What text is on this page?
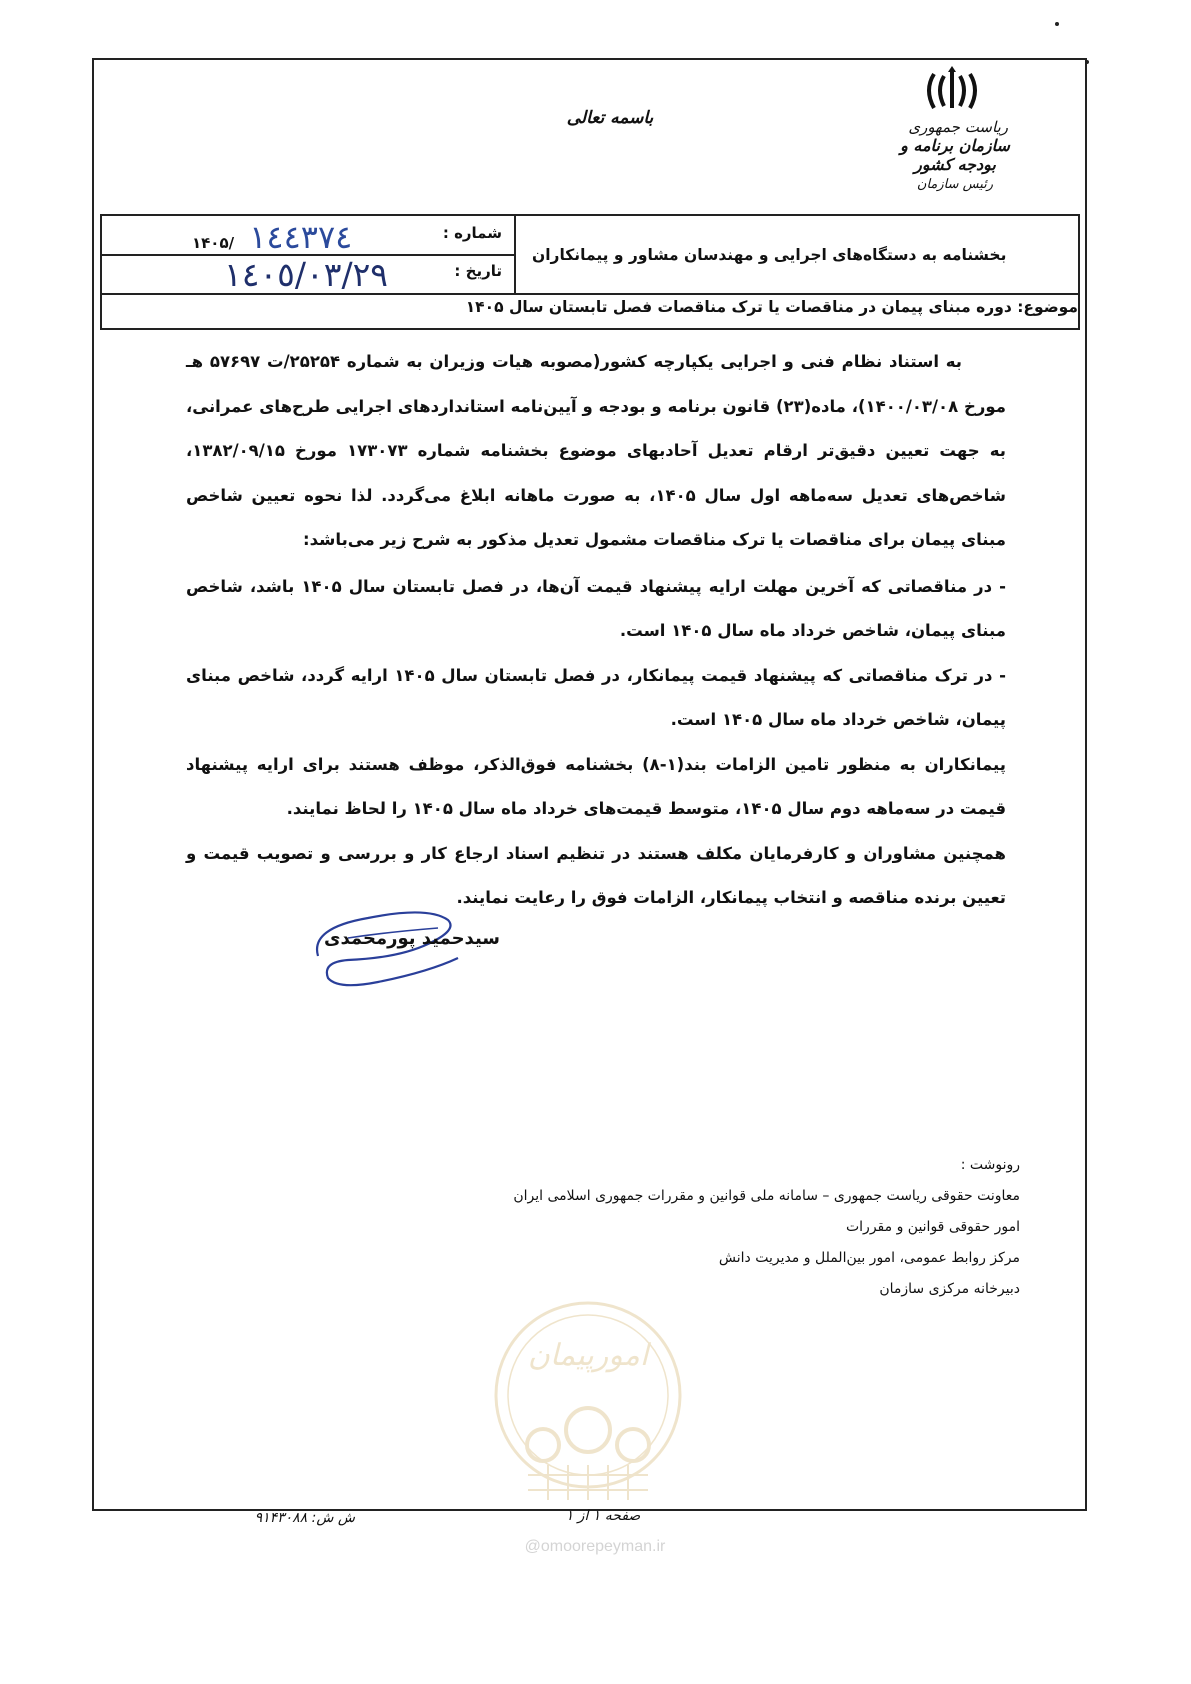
ریاست جمهوری
سازمان برنامه و بودجه کشور
رئیس سازمان
باسمه تعالی
بخشنامه به دستگاه‌های اجرایی و مهندسان مشاور و پیمانکاران
شماره :
۱۴۰۵/ ١٤٤٣٧٤
تاریخ :
١٤٠٥/٠٣/٢٩
موضوع: دوره مبنای پیمان در مناقصات یا ترک مناقصات فصل تابستان سال ۱۴۰۵

به استناد نظام فنی و اجرایی یکپارچه کشور(مصوبه هیات وزیران به شماره ۲۵۲۵۴/ت ۵۷۶۹۷ هـ مورخ ۱۴۰۰/۰۳/۰۸)، ماده(۲۳) قانون برنامه و بودجه و آیین‌نامه استانداردهای اجرایی طرح‌های عمرانی، به جهت تعیین دقیق‌تر ارقام تعدیل آحادبهای موضوع بخشنامه شماره ۱۷۳۰۷۳ مورخ ۱۳۸۲/۰۹/۱۵، شاخص‌های تعدیل سه‌ماهه اول سال ۱۴۰۵، به صورت ماهانه ابلاغ می‌گردد. لذا نحوه تعیین شاخص مبنای پیمان برای مناقصات یا ترک مناقصات مشمول تعدیل مذکور به شرح زیر می‌باشد:

- در مناقصاتی که آخرین مهلت ارایه پیشنهاد قیمت آن‌ها، در فصل تابستان سال ۱۴۰۵ باشد، شاخص مبنای پیمان، شاخص خرداد ماه سال ۱۴۰۵ است.

- در ترک مناقصاتی که پیشنهاد قیمت پیمانکار، در فصل تابستان سال ۱۴۰۵ ارایه گردد، شاخص مبنای پیمان، شاخص خرداد ماه سال ۱۴۰۵ است.

پیمانکاران به منظور تامین الزامات بند(۱-۸) بخشنامه فوق‌الذکر، موظف هستند برای ارایه پیشنهاد قیمت در سه‌ماهه دوم سال ۱۴۰۵، متوسط قیمت‌های خرداد ماه سال ۱۴۰۵ را لحاظ نمایند.

همچنین مشاوران و کارفرمایان مکلف هستند در تنظیم اسناد ارجاع کار و بررسی و تصویب قیمت و تعیین برنده مناقصه و انتخاب پیمانکار، الزامات فوق را رعایت نمایند.

سیدحمید پورمحمدی
رونوشت :
معاونت حقوقی ریاست جمهوری – سامانه ملی قوانین و مقررات جمهوری اسلامی ایران
امور حقوقی قوانین و مقررات
مرکز روابط عمومی، امور بین‌الملل و مدیریت دانش
دبیرخانه مرکزی سازمان
امورپیمان
صفحه ۱ از ۱
ش ش: ۹۱۴۳۰۸۸
@omoorepeyman.ir
